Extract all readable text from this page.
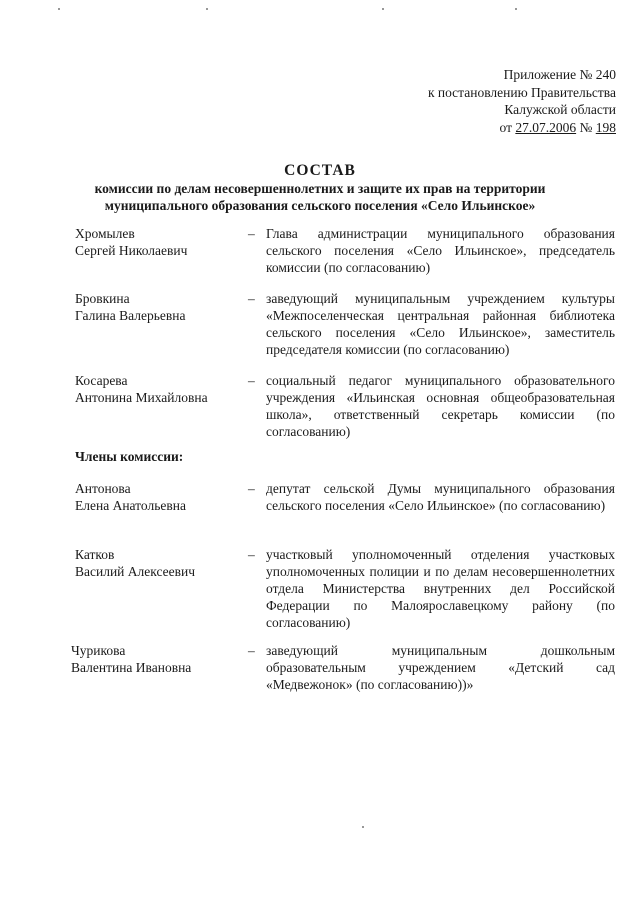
Приложение № 240
к постановлению Правительства
Калужской области
от 27.07.2006 № 198
СОСТАВ
комиссии по делам несовершеннолетних и защите их прав на территории
муниципального образования сельского поселения «Село Ильинское»
Хромылев
Сергей Николаевич
– Глава администрации муниципального образования сельского поселения «Село Ильинское», председатель комиссии (по согласованию)
Бровкина
Галина Валерьевна
– заведующий муниципальным учреждением культуры «Межпоселенческая центральная районная библиотека сельского поселения «Село Ильинское», заместитель председателя комиссии (по согласованию)
Косарева
Антонина Михайловна
– социальный педагог муниципального образовательного учреждения «Ильинская основная общеобразовательная школа», ответственный секретарь комиссии (по согласованию)
Члены комиссии:
Антонова
Елена Анатольевна
– депутат сельской Думы муниципального образования сельского поселения «Село Ильинское» (по согласованию)
Катков
Василий Алексеевич
– участковый уполномоченный отделения участковых уполномоченных полиции и по делам несовершеннолетних отдела Министерства внутренних дел Российской Федерации по Малоярославецкому району (по согласованию)
Чурикова
Валентина Ивановна
– заведующий муниципальным дошкольным образовательным учреждением «Детский сад «Медвежонок» (по согласованию))»
